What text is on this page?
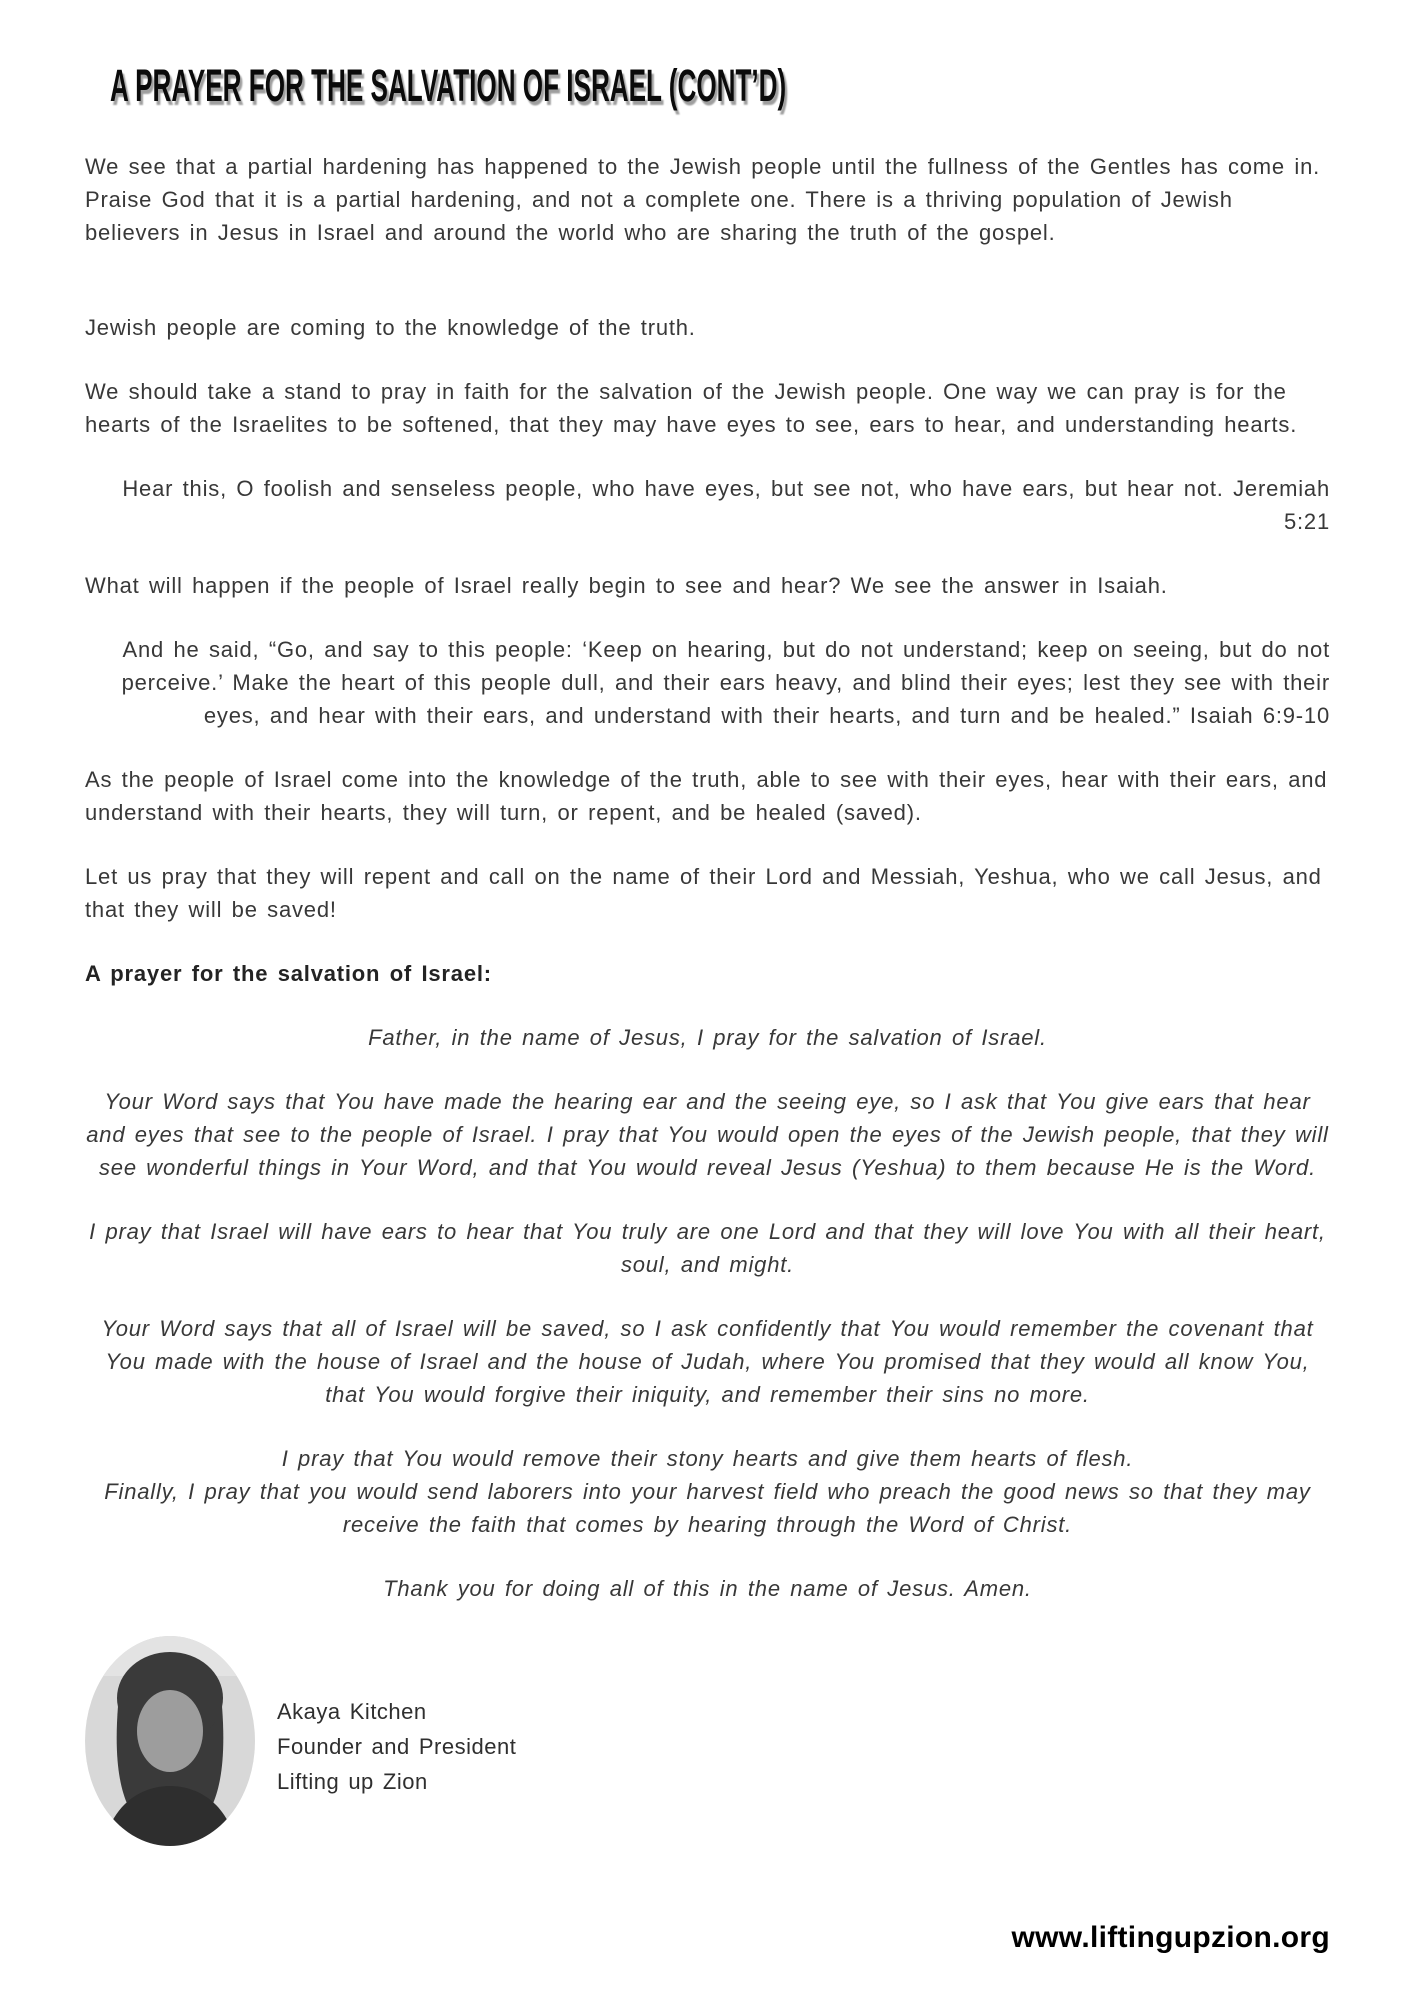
A PRAYER FOR THE SALVATION OF ISRAEL (CONT’D)

We see that a partial hardening has happened to the Jewish people until the fullness of the Gentles has come in. Praise God that it is a partial hardening, and not a complete one. There is a thriving population of Jewish believers in Jesus in Israel and around the world who are sharing the truth of the gospel.

Jewish people are coming to the knowledge of the truth.

We should take a stand to pray in faith for the salvation of the Jewish people. One way we can pray is for the hearts of the Israelites to be softened, that they may have eyes to see, ears to hear, and understanding hearts.

Hear this, O foolish and senseless people, who have eyes, but see not, who have ears, but hear not. Jeremiah 5:21

What will happen if the people of Israel really begin to see and hear? We see the answer in Isaiah.

And he said, “Go, and say to this people: ‘Keep on hearing, but do not understand; keep on seeing, but do not perceive.’ Make the heart of this people dull, and their ears heavy, and blind their eyes; lest they see with their eyes, and hear with their ears, and understand with their hearts, and turn and be healed.” Isaiah 6:9-10

As the people of Israel come into the knowledge of the truth, able to see with their eyes, hear with their ears, and understand with their hearts, they will turn, or repent, and be healed (saved).

Let us pray that they will repent and call on the name of their Lord and Messiah, Yeshua, who we call Jesus, and that they will be saved!

A prayer for the salvation of Israel:

Father, in the name of Jesus, I pray for the salvation of Israel.

Your Word says that You have made the hearing ear and the seeing eye, so I ask that You give ears that hear and eyes that see to the people of Israel. I pray that You would open the eyes of the Jewish people, that they will see wonderful things in Your Word, and that You would reveal Jesus (Yeshua) to them because He is the Word.

I pray that Israel will have ears to hear that You truly are one Lord and that they will love You with all their heart, soul, and might.

Your Word says that all of Israel will be saved, so I ask confidently that You would remember the covenant that You made with the house of Israel and the house of Judah, where You promised that they would all know You, that You would forgive their iniquity, and remember their sins no more.

I pray that You would remove their stony hearts and give them hearts of flesh.

Finally, I pray that you would send laborers into your harvest field who preach the good news so that they may receive the faith that comes by hearing through the Word of Christ.

Thank you for doing all of this in the name of Jesus. Amen.

Akaya Kitchen
Founder and President
Lifting up Zion
www.liftingupzion.org
